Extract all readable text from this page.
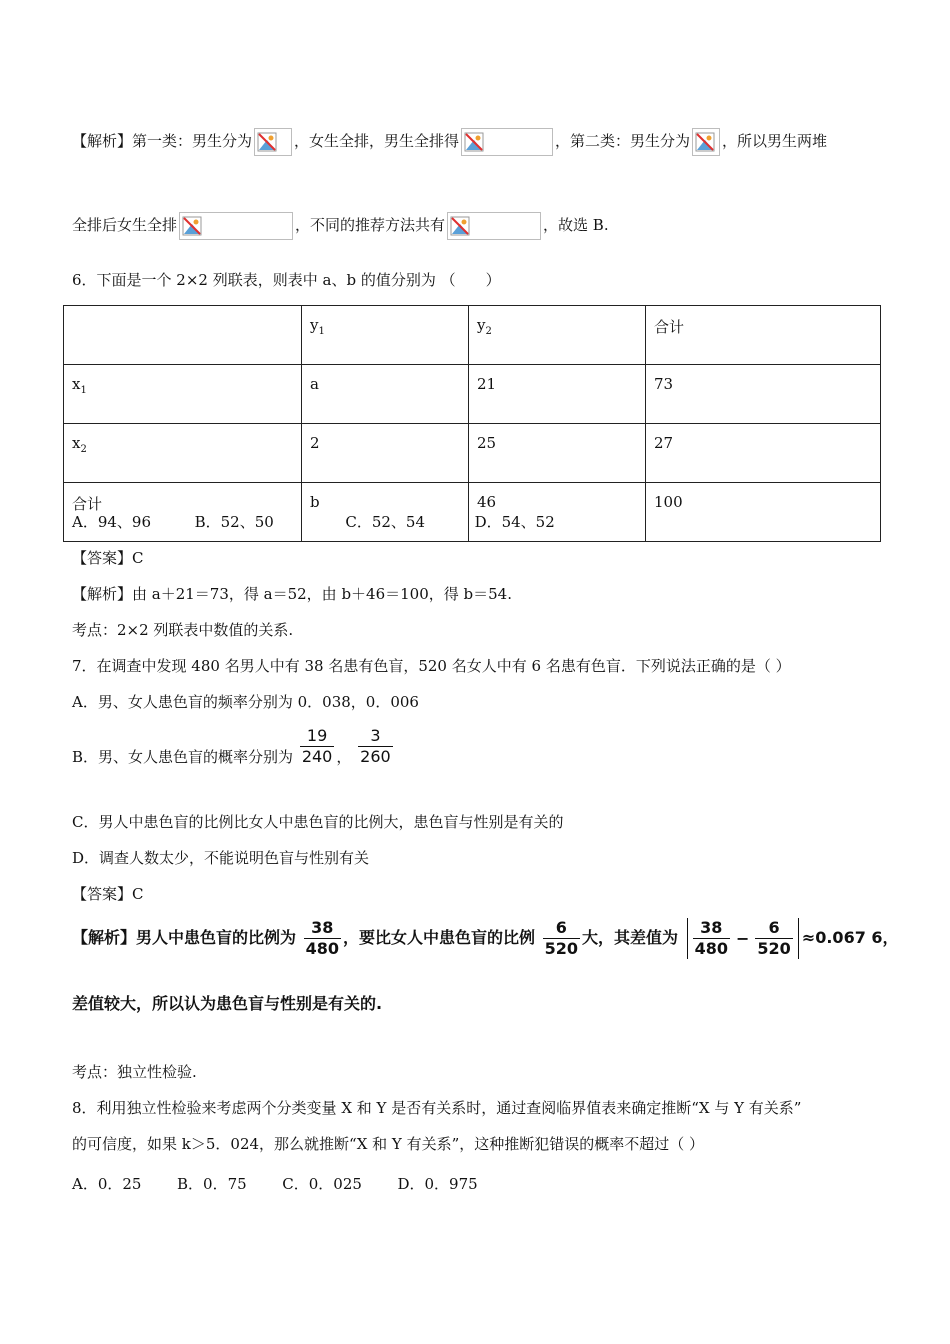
【解析】第一类：男生分为	，女生全排，男生全排得	，第二类：男生分为 ，所以男生两堆
全排后女生全排	，不同的推荐方法共有	，故选 B.
6．下面是一个 2×2 列联表，则表中 a、b 的值分别为 （　　）
	$y_1$	$y_2$	合计
$x_1$	a	21	73
$x_2$	2	25	27
合计	b	46	100
A．94、96	B．52、50	C．52、54	D．54、52
【答案】C
【解析】由 a＋21＝73，得 a＝52，由 b＋46＝100，得 b＝54.
考点：2×2 列联表中数值的关系.
7．在调查中发现 480 名男人中有 38 名患有色盲，520 名女人中有 6 名患有色盲．下列说法正确的是（ ）
A．男、女人患色盲的频率分别为 0．038，0．006
B．男、女人患色盲的概率分别为 $\frac{19}{240}$ ， $\frac{3}{260}$
C．男人中患色盲的比例比女人中患色盲的比例大，患色盲与性别是有关的
D．调查人数太少，不能说明色盲与性别有关
【答案】C
【解析】男人中患色盲的比例为 $\frac{38}{480}$ ，要比女人中患色盲的比例 $\frac{6}{520}$ 大，其差值为 $\frac{38}{480} - \frac{6}{520} \approx 0.067$ 6，
差值较大，所以认为患色盲与性别是有关的.
考点：独立性检验.
8．利用独立性检验来考虑两个分类变量 X 和 Y 是否有关系时，通过查阅临界值表来确定推断“X 与 Y 有关系”
的可信度，如果 k＞5．024，那么就推断“X 和 Y 有关系”，这种推断犯错误的概率不超过（ ）
A．0．25 B．0．75 C．0．025 D．0．975
